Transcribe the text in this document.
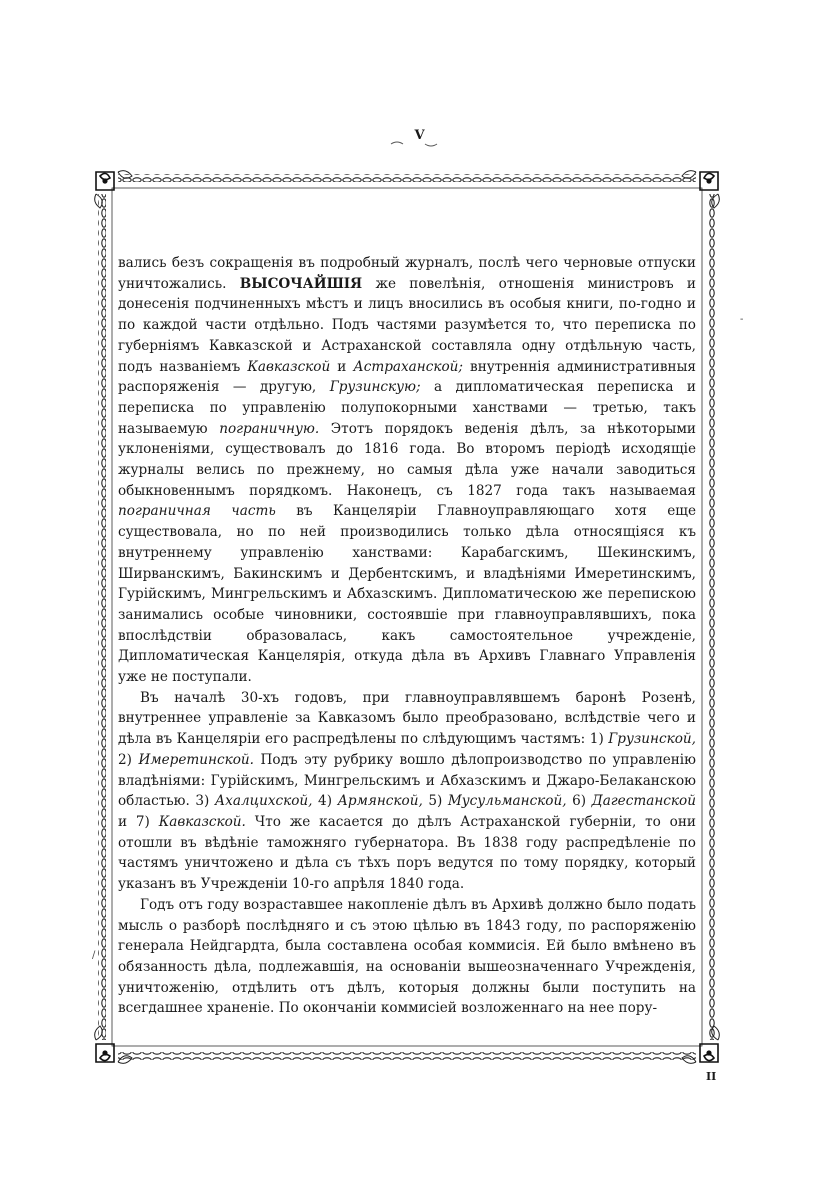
V

вались безъ сокращенія въ подробный журналъ, послѣ чего черновые отпуски уничтожались. ВЫСОЧАЙШІЯ же повелѣнія, отношенія министровъ и донесенія подчиненныхъ мѣстъ и лицъ вносились въ особыя книги, по-годно и по каждой части отдѣльно. Подъ частями разумѣется то, что переписка по губерніямъ Кавказской и Астраханской составляла одну отдѣльную часть, подъ названіемъ Кавказской и Астраханской; внутреннія административныя распоряженія — другую, Грузинскую; а дипломатическая переписка и переписка по управленію полупокорными ханствами — третью, такъ называемую пограничную. Этотъ порядокъ веденія дѣлъ, за нѣкоторыми уклоненіями, существовалъ до 1816 года. Во второмъ періодѣ исходящіе журналы велись по прежнему, но самыя дѣла уже начали заводиться обыкновеннымъ порядкомъ. Наконецъ, съ 1827 года такъ называемая пограничная часть въ Канцеляріи Главноуправляющаго хотя еще существовала, но по ней производились только дѣла относящіяся къ внутреннему управленію ханствами: Карабагскимъ, Шекинскимъ, Ширванскимъ, Бакинскимъ и Дербентскимъ, и владѣніями Имеретинскимъ, Гурійскимъ, Мингрельскимъ и Абхазскимъ. Дипломатическою же перепискою занимались особые чиновники, состоявшіе при главноуправлявшихъ, пока впослѣдствіи образовалась, какъ самостоятельное учрежденіе, Дипломатическая Канцелярія, откуда дѣла въ Архивъ Главнаго Управленія уже не поступали.

Въ началѣ 30-хъ годовъ, при главноуправлявшемъ баронѣ Розенѣ, внутреннее управленіе за Кавказомъ было преобразовано, вслѣдствіе чего и дѣла въ Канцеляріи его распредѣлены по слѣдующимъ частямъ: 1) Грузинской, 2) Имеретинской. Подъ эту рубрику вошло дѣлопроизводство по управленію владѣніями: Гурійскимъ, Мингрельскимъ и Абхазскимъ и Джаро-Белаканскою областью. 3) Ахалцихской, 4) Армянской, 5) Мусульманской, 6) Дагестанской и 7) Кавказской. Что же касается до дѣлъ Астраханской губерніи, то они отошли въ вѣдѣніе таможняго губернатора. Въ 1838 году распредѣленіе по частямъ уничтожено и дѣла съ тѣхъ поръ ведутся по тому порядку, который указанъ въ Учрежденіи 10-го апрѣля 1840 года.

Годъ отъ году возраставшее накопленіе дѣлъ въ Архивѣ должно было подать мысль о разборѣ послѣдняго и съ этою цѣлью въ 1843 году, по распоряженію генерала Нейдгардта, была составлена особая коммисія. Ей было вмѣнено въ обязанность дѣла, подлежавшія, на основаніи вышеозначеннаго Учрежденія, уничтоженію, отдѣлить отъ дѣлъ, которыя должны были поступить на всегдашнее храненіе. По окончаніи коммисіей возложеннаго на нее пору-

II
-
/
